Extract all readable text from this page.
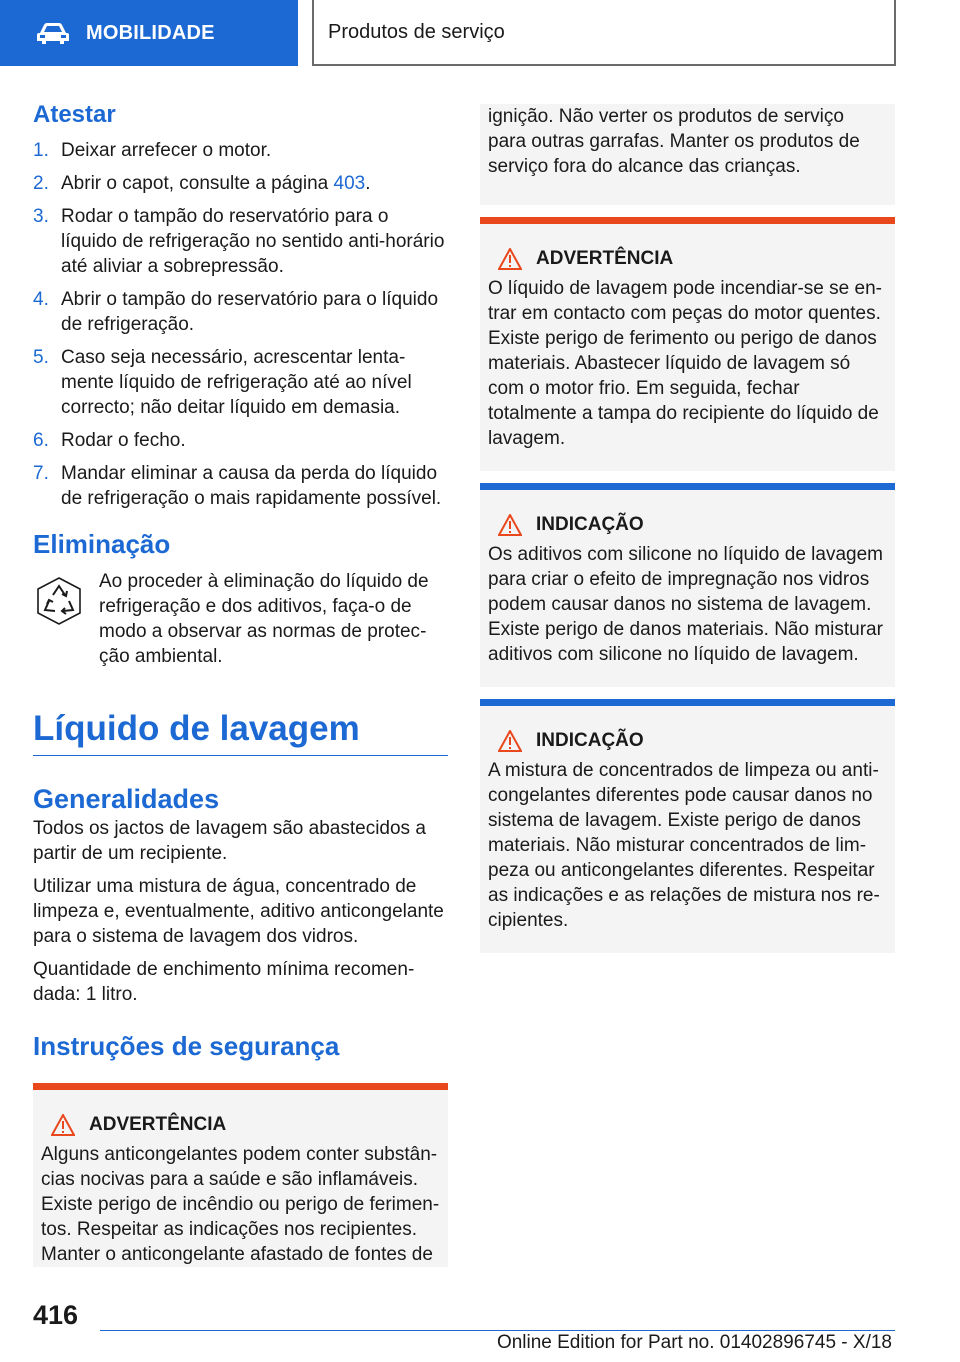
MOBILIDADE	Produtos de serviço
Atestar
1. Deixar arrefecer o motor.
2. Abrir o capot, consulte a página 403.
3. Rodar o tampão do reservatório para o líquido de refrigeração no sentido anti-horário até aliviar a sobrepressão.
4. Abrir o tampão do reservatório para o líquido de refrigeração.
5. Caso seja necessário, acrescentar lentamente líquido de refrigeração até ao nível correcto; não deitar líquido em demasia.
6. Rodar o fecho.
7. Mandar eliminar a causa da perda do líquido de refrigeração o mais rapidamente possível.
Eliminação
Ao proceder à eliminação do líquido de refrigeração e dos aditivos, faça-o de modo a observar as normas de protecção ambiental.
Líquido de lavagem
Generalidades

Todos os jactos de lavagem são abastecidos a partir de um recipiente.

Utilizar uma mistura de água, concentrado de limpeza e, eventualmente, aditivo anticongelante para o sistema de lavagem dos vidros.

Quantidade de enchimento mínima recomendada: 1 litro.

Instruções de segurança
ADVERTÊNCIA
Alguns anticongelantes podem conter substâncias nocivas para a saúde e são inflamáveis. Existe perigo de incêndio ou perigo de ferimentos. Respeitar as indicações nos recipientes. Manter o anticongelante afastado de fontes de
ignição. Não verter os produtos de serviço para outras garrafas. Manter os produtos de serviço fora do alcance das crianças.
ADVERTÊNCIA
O líquido de lavagem pode incendiar-se se entrar em contacto com peças do motor quentes. Existe perigo de ferimento ou perigo de danos materiais. Abastecer líquido de lavagem só com o motor frio. Em seguida, fechar totalmente a tampa do recipiente do líquido de lavagem.
INDICAÇÃO
Os aditivos com silicone no líquido de lavagem para criar o efeito de impregnação nos vidros podem causar danos no sistema de lavagem. Existe perigo de danos materiais. Não misturar aditivos com silicone no líquido de lavagem.
INDICAÇÃO
A mistura de concentrados de limpeza ou anticongelantes diferentes pode causar danos no sistema de lavagem. Existe perigo de danos materiais. Não misturar concentrados de limpeza ou anticongelantes diferentes. Respeitar as indicações e as relações de mistura nos recipientes.
416
Online Edition for Part no. 01402896745 - X/18
